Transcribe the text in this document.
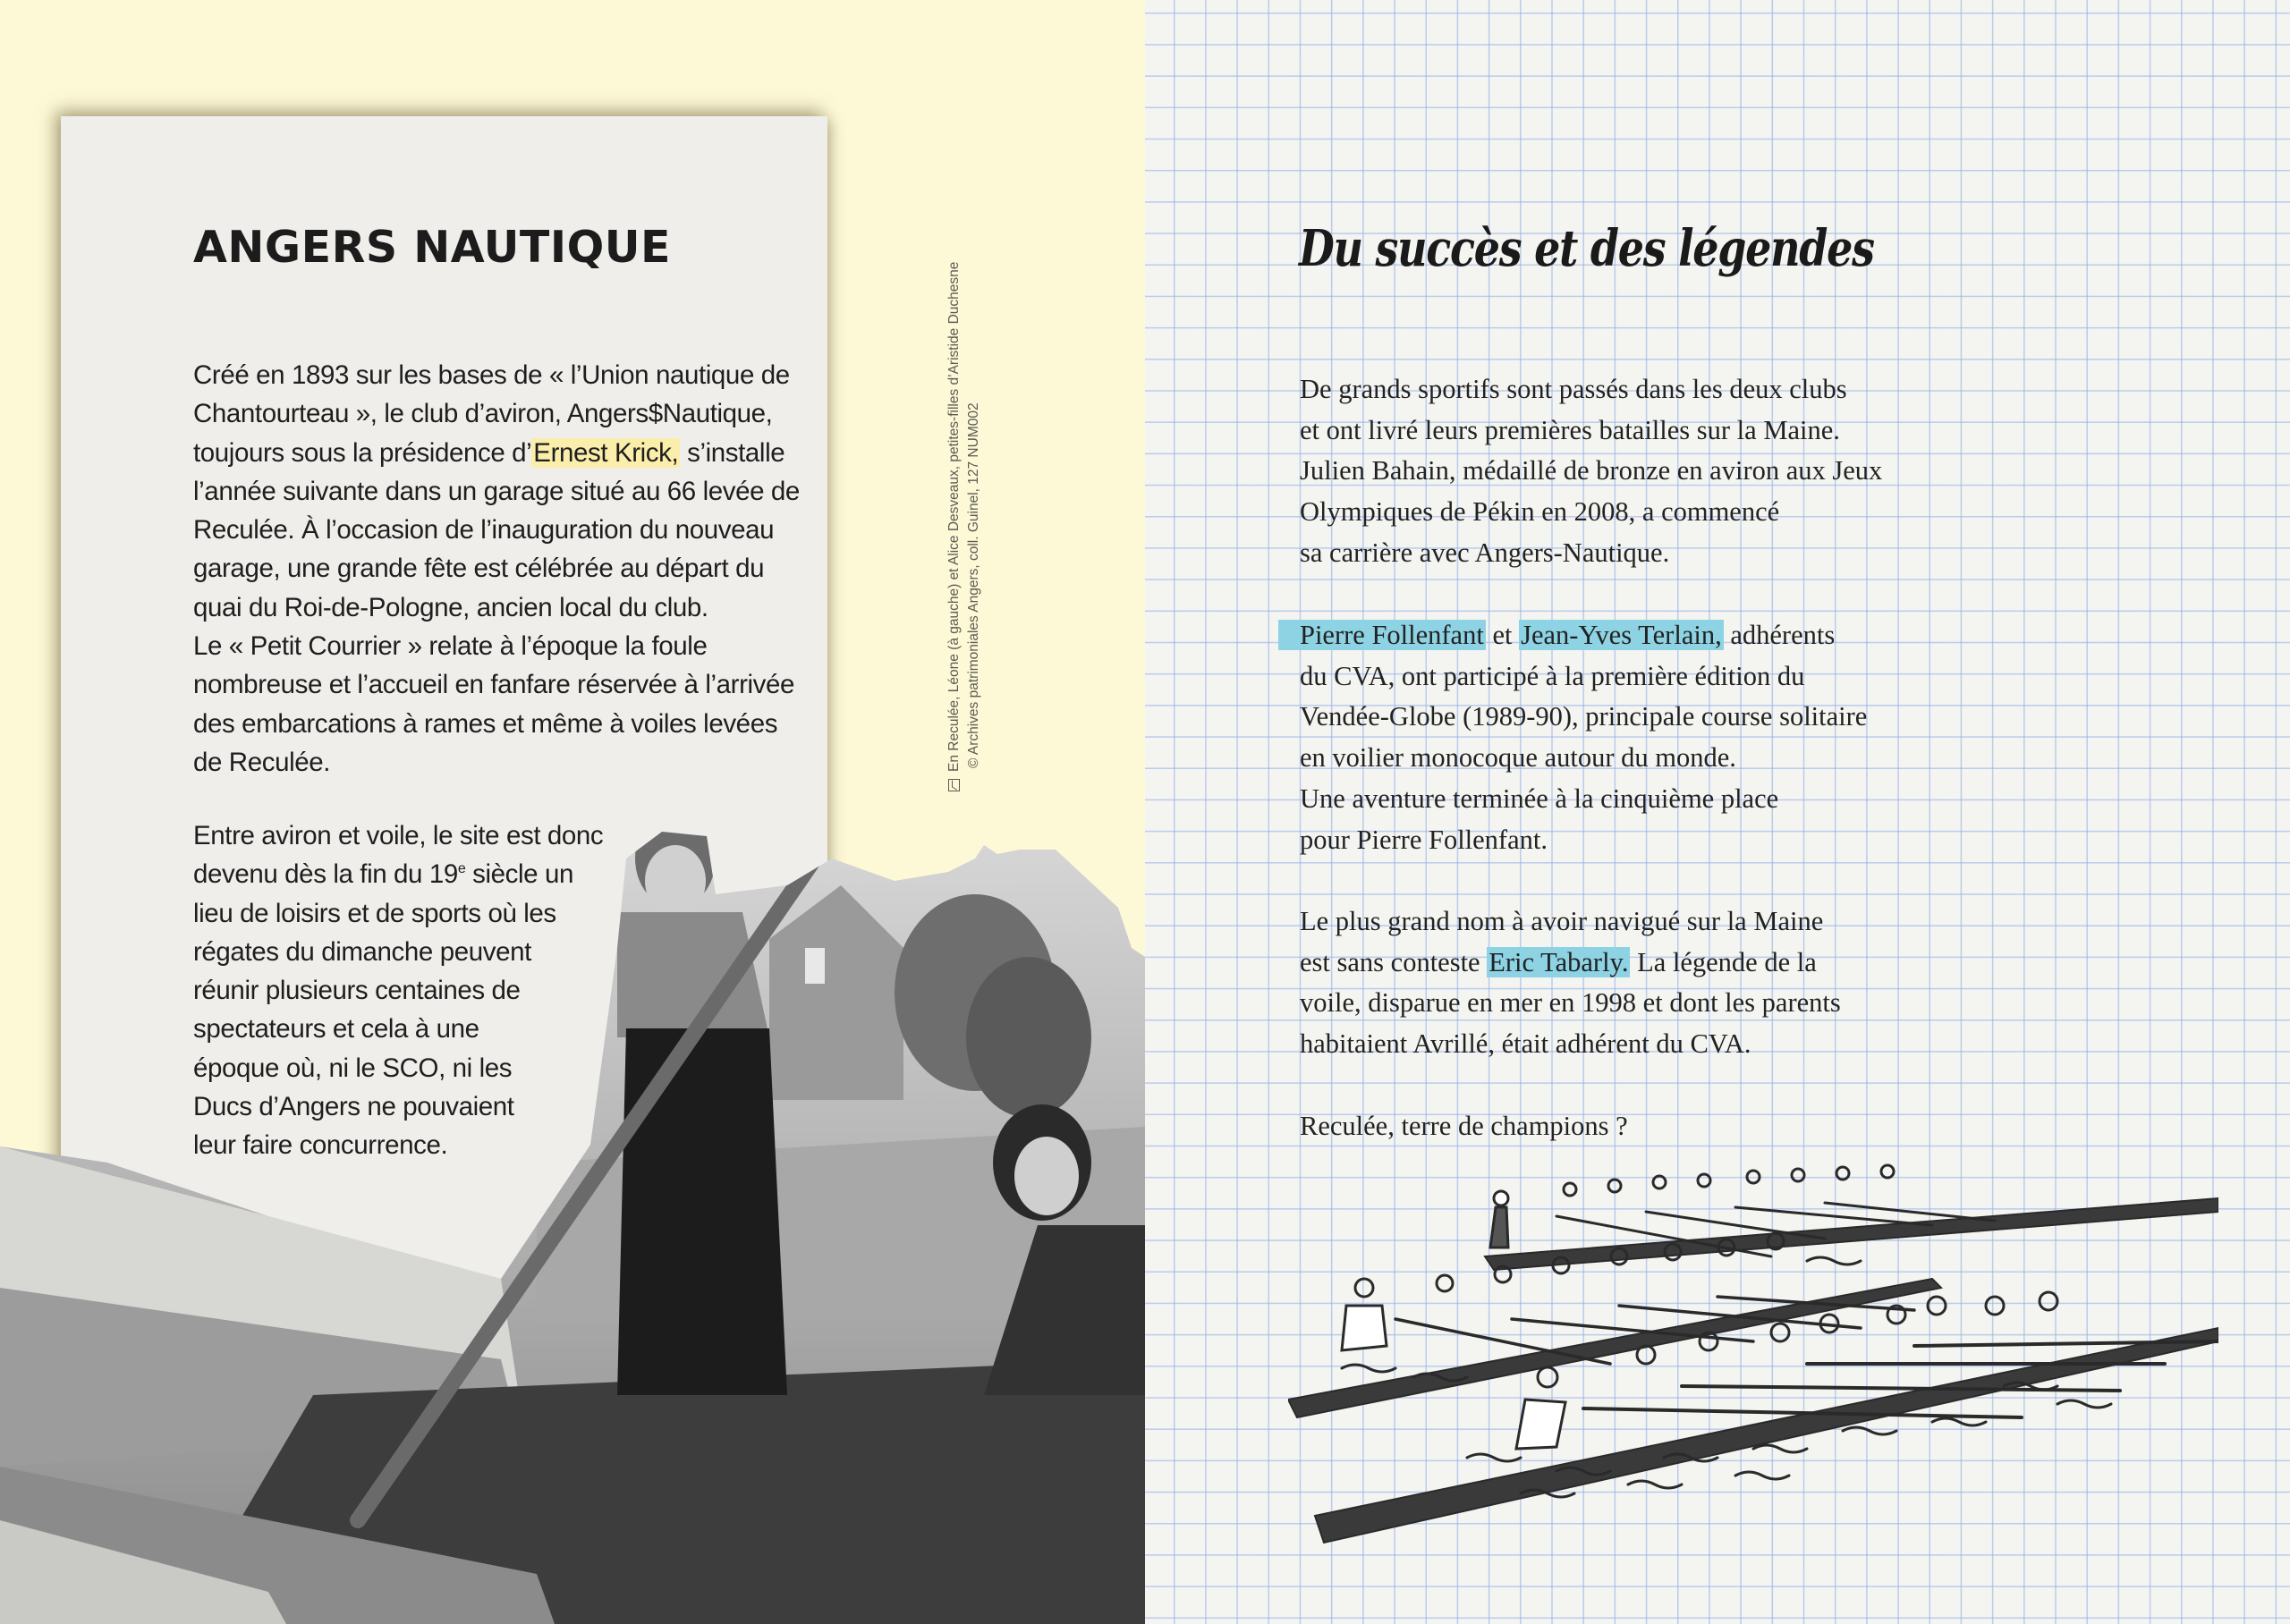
ANGERS NAUTIQUE
Créé en 1893 sur les bases de « l’Union nautique de
Chantourteau », le club d’aviron, Angers$Nautique,
toujours sous la présidence d’Ernest Krick, s’installe
l’année suivante dans un garage situé au 66 levée de
Reculée. À l’occasion de l’inauguration du nouveau
garage, une grande fête est célébrée au départ du
quai du Roi-de-Pologne, ancien local du club.
Le « Petit Courrier » relate à l’époque la foule
nombreuse et l’accueil en fanfare réservée à l’arrivée
des embarcations à rames et même à voiles levées
de Reculée.
Entre aviron et voile, le site est donc
devenu dès la fin du 19e siècle un
lieu de loisirs et de sports où les
régates du dimanche peuvent
réunir plusieurs centaines de
spectateurs et cela à une
époque où, ni le SCO, ni les
Ducs d’Angers ne pouvaient
leur faire concurrence.
En Reculée, Léone (à gauche) et Alice Desveaux, petites-filles d’Aristide Duchesne © Archives patrimoniales Angers, coll. Guinel, 127 NUM002
Du succès et des légendes
De grands sportifs sont passés dans les deux clubs
et ont livré leurs premières batailles sur la Maine.
Julien Bahain, médaillé de bronze en aviron aux Jeux
Olympiques de Pékin en 2008, a commencé
sa carrière avec Angers-Nautique.
Pierre Follenfant et Jean-Yves Terlain, adhérents
du CVA, ont participé à la première édition du
Vendée-Globe (1989-90), principale course solitaire
en voilier monocoque autour du monde.
Une aventure terminée à la cinquième place
pour Pierre Follenfant.
Le plus grand nom à avoir navigué sur la Maine
est sans conteste Eric Tabarly. La légende de la
voile, disparue en mer en 1998 et dont les parents
habitaient Avrillé, était adhérent du CVA.
Reculée, terre de champions ?
